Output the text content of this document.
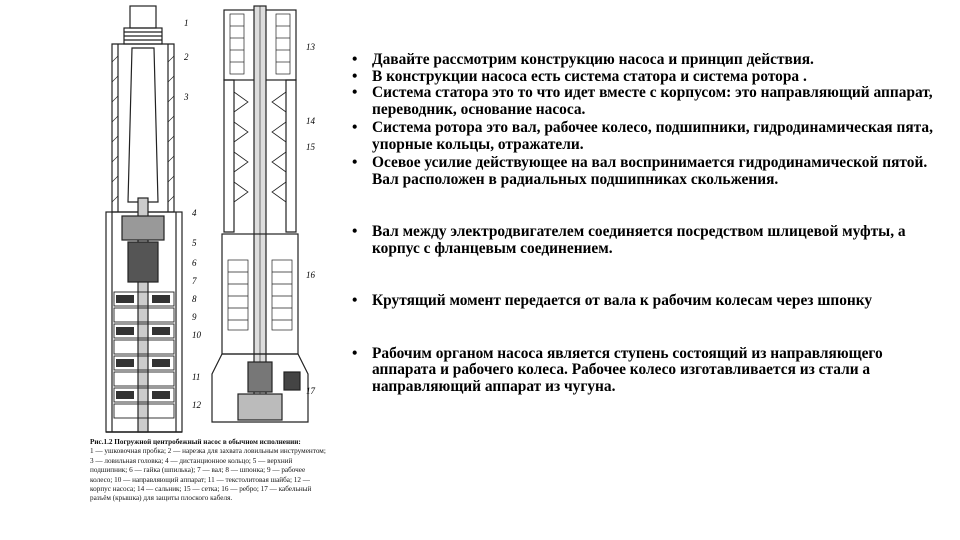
1
2
3
4
5
6
7
8
9
10
11
12
13
14
15
16
17
Рис.1.2 Погружной центробежный насос в обычном исполнении:
1 — ушковочная пробка; 2 — нарезка для захвата ловильным инструментом; 3 — ловильная головка; 4 — дистанционное кольцо; 5 — верхний подшипник; 6 — гайка (шпилька); 7 — вал; 8 — шпонка; 9 — рабочее колесо; 10 — направляющий аппарат; 11 — текстолитовая шайба; 12 — корпус насоса; 14 — сальник; 15 — сетка; 16 — ребро; 17 — кабельный разъём (крышка) для защиты плоского кабеля.
• Давайте рассмотрим конструкцию насоса и принцип действия.
• В конструкции насоса есть система статора и система ротора .
• Система статора это то что идет вместе с корпусом: это направляющий аппарат, переводник, основание насоса.
• Система ротора это вал, рабочее колесо, подшипники, гидродинамическая пята, упорные кольцы, отражатели.
• Осевое усилие действующее на вал воспринимается гидродинамической пятой. Вал расположен в радиальных подшипниках скольжения.
• Вал между электродвигателем соединяется посредством шлицевой муфты, а корпус с фланцевым соединением.
• Крутящий момент передается от вала к рабочим колесам через шпонку
• Рабочим органом насоса является ступень состоящий из направляющего аппарата и рабочего колеса. Рабочее колесо изготавливается из стали а направляющий аппарат из чугуна.
